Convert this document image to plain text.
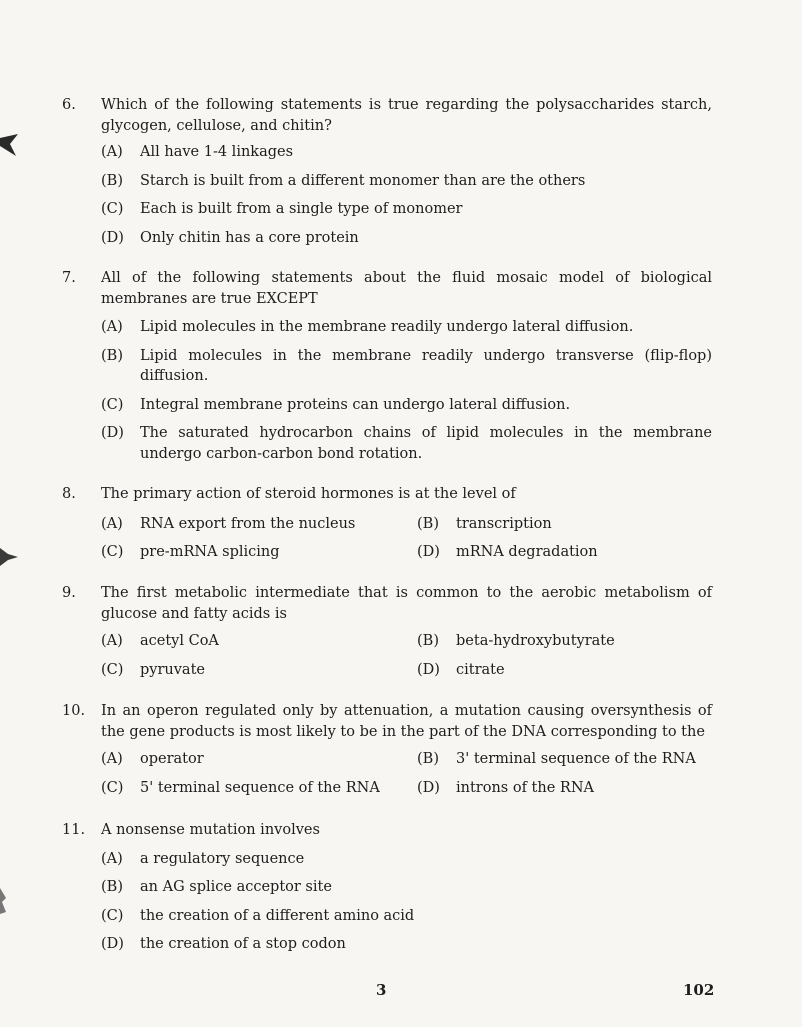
6. Which of the following statements is true regarding the polysaccharides starch, glycogen, cellulose, and chitin?
(A) All have 1-4 linkages
(B) Starch is built from a different monomer than are the others
(C) Each is built from a single type of monomer
(D) Only chitin has a core protein
7. All of the following statements about the fluid mosaic model of biological membranes are true EXCEPT
(A) Lipid molecules in the membrane readily undergo lateral diffusion.
(B) Lipid molecules in the membrane readily undergo transverse (flip-flop) diffusion.
(C) Integral membrane proteins can undergo lateral diffusion.
(D) The saturated hydrocarbon chains of lipid molecules in the membrane undergo carbon-carbon bond rotation.
8. The primary action of steroid hormones is at the level of
(A) RNA export from the nucleus	(B) transcription
(C) pre-mRNA splicing	(D) mRNA degradation
9. The first metabolic intermediate that is common to the aerobic metabolism of glucose and fatty acids is
(A) acetyl CoA	(B) beta-hydroxybutyrate
(C) pyruvate	(D) citrate
10. In an operon regulated only by attenuation, a mutation causing oversynthesis of the gene products is most likely to be in the part of the DNA corresponding to the
(A) operator	(B) 3' terminal sequence of the RNA
(C) 5' terminal sequence of the RNA	(D) introns of the RNA
11. A nonsense mutation involves
(A) a regulatory sequence
(B) an AG splice acceptor site
(C) the creation of a different amino acid
(D) the creation of a stop codon
3	102
